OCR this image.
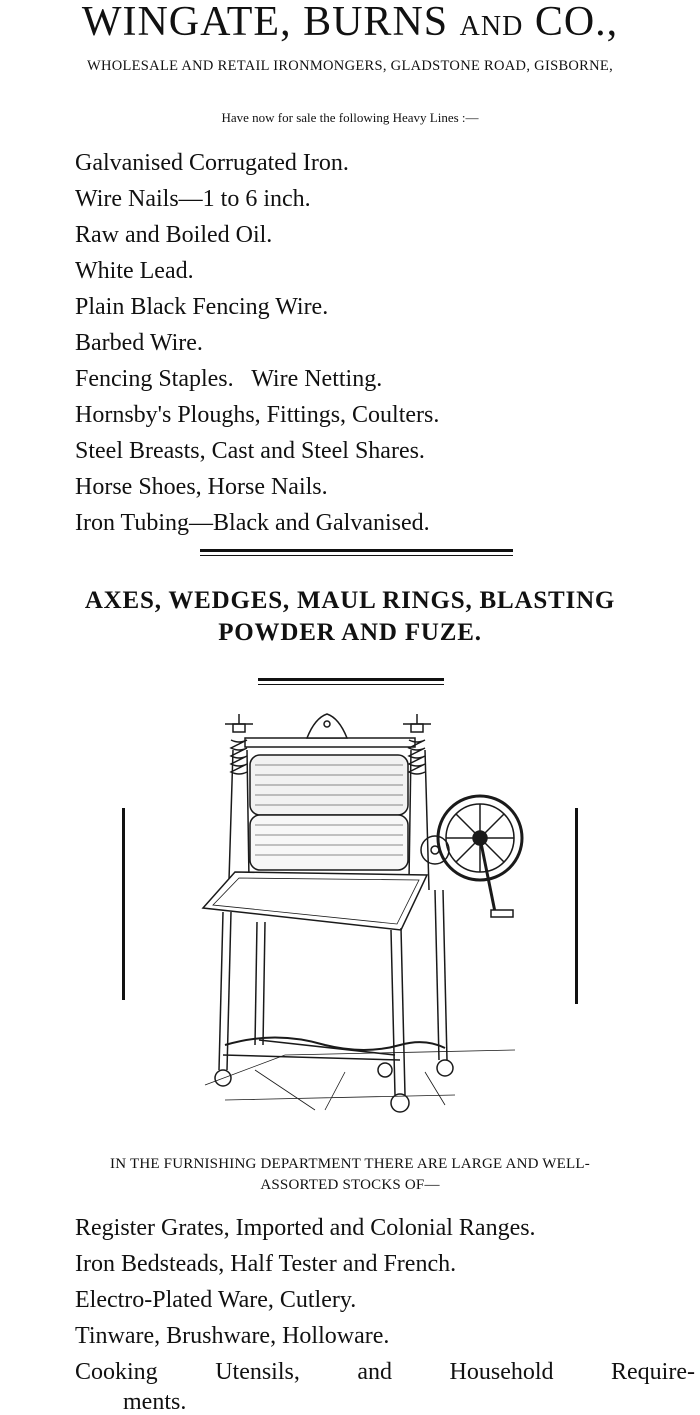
WINGATE, BURNS AND CO.,
WHOLESALE AND RETAIL IRONMONGERS, GLADSTONE ROAD, GISBORNE,
Have now for sale the following Heavy Lines :—
Galvanised Corrugated Iron.
Wire Nails—1 to 6 inch.
Raw and Boiled Oil.
White Lead.
Plain Black Fencing Wire.
Barbed Wire.
Fencing Staples.   Wire Netting.
Hornsby's Ploughs, Fittings, Coulters.
Steel Breasts, Cast and Steel Shares.
Horse Shoes, Horse Nails.
Iron Tubing—Black and Galvanised.
AXES, WEDGES, MAUL RINGS, BLASTING
POWDER AND FUZE.
IN THE FURNISHING DEPARTMENT THERE ARE LARGE AND WELL-
ASSORTED STOCKS OF—
Register Grates, Imported and Colonial Ranges.
Iron Bedsteads, Half Tester and French.
Electro-Plated Ware, Cutlery.
Tinware, Brushware, Holloware.
Cooking Utensils, and Household Require-
ments.
